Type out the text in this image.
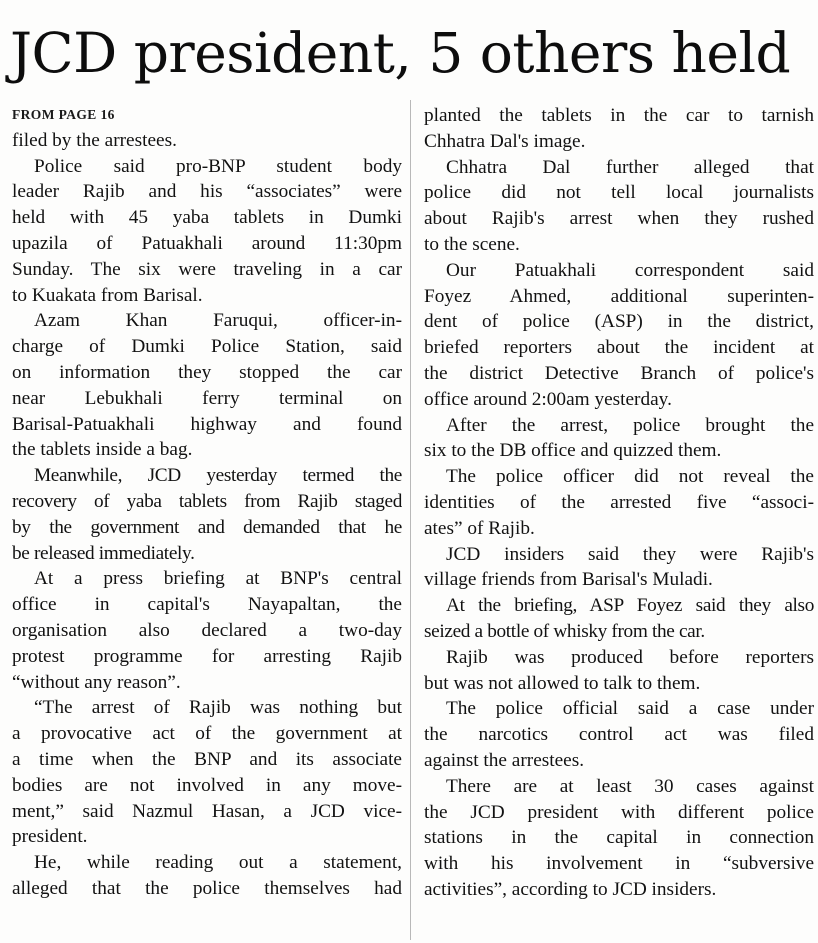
JCD president, 5 others held
FROM PAGE 16
filed by the arrestees.
Police said pro-BNP student body
leader Rajib and his “associates” were
held with 45 yaba tablets in Dumki
upazila of Patuakhali around 11:30pm
Sunday. The six were traveling in a car
to Kuakata from Barisal.
Azam Khan Faruqui, officer-in-
charge of Dumki Police Station, said
on information they stopped the car
near Lebukhali ferry terminal on
Barisal-Patuakhali highway and found
the tablets inside a bag.
Meanwhile, JCD yesterday termed the
recovery of yaba tablets from Rajib staged
by the government and demanded that he
be released immediately.
At a press briefing at BNP's central
office in capital's Nayapaltan, the
organisation also declared a two-day
protest programme for arresting Rajib
“without any reason”.
“The arrest of Rajib was nothing but
a provocative act of the government at
a time when the BNP and its associate
bodies are not involved in any move-
ment,” said Nazmul Hasan, a JCD vice-
president.
He, while reading out a statement,
alleged that the police themselves had
planted the tablets in the car to tarnish
Chhatra Dal's image.
Chhatra Dal further alleged that
police did not tell local journalists
about Rajib's arrest when they rushed
to the scene.
Our Patuakhali correspondent said
Foyez Ahmed, additional superinten-
dent of police (ASP) in the district,
briefed reporters about the incident at
the district Detective Branch of police's
office around 2:00am yesterday.
After the arrest, police brought the
six to the DB office and quizzed them.
The police officer did not reveal the
identities of the arrested five “associ-
ates” of Rajib.
JCD insiders said they were Rajib's
village friends from Barisal's Muladi.
At the briefing, ASP Foyez said they also
seized a bottle of whisky from the car.
Rajib was produced before reporters
but was not allowed to talk to them.
The police official said a case under
the narcotics control act was filed
against the arrestees.
There are at least 30 cases against
the JCD president with different police
stations in the capital in connection
with his involvement in “subversive
activities”, according to JCD insiders.
